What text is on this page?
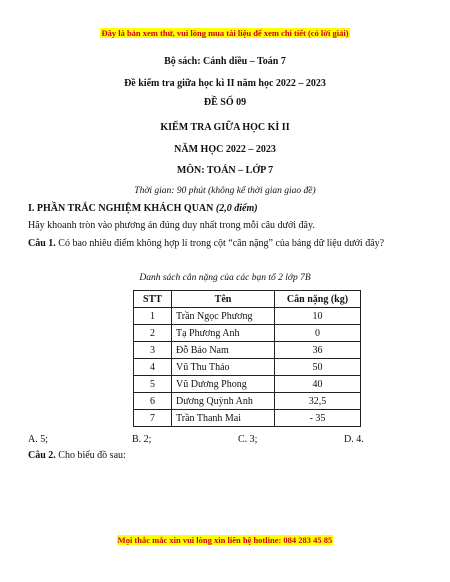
Đây là bản xem thử, vui lòng mua tài liệu để xem chi tiết (có lời giải)
Bộ sách: Cánh diều – Toán 7
Đề kiểm tra giữa học kì II năm học 2022 – 2023
ĐỀ SỐ 09
KIỂM TRA GIỮA HỌC KÌ II
NĂM HỌC 2022 – 2023
MÔN: TOÁN – LỚP 7
Thời gian: 90 phút (không kể thời gian giao đề)
I. PHẦN TRẮC NGHIỆM KHÁCH QUAN (2,0 điểm)
Hãy khoanh tròn vào phương án đúng duy nhất trong mỗi câu dưới đây.
Câu 1. Có bao nhiêu điểm không hợp lí trong cột “cân nặng” của bảng dữ liệu dưới đây?
Danh sách cân nặng của các bạn tổ 2 lớp 7B
STT	Tên	Cân nặng (kg)
1	Trần Ngọc Phương	10
2	Tạ Phương Anh	0
3	Đỗ Bảo Nam	36
4	Vũ Thu Thảo	50
5	Vũ Dương Phong	40
6	Dương Quỳnh Anh	32,5
7	Trần Thanh Mai	- 35
A. 5;	B. 2;	C. 3;	D. 4.
Câu 2. Cho biểu đồ sau:
Mọi thắc mắc xin vui lòng xin liên hệ hotline: 084 283 45 85
